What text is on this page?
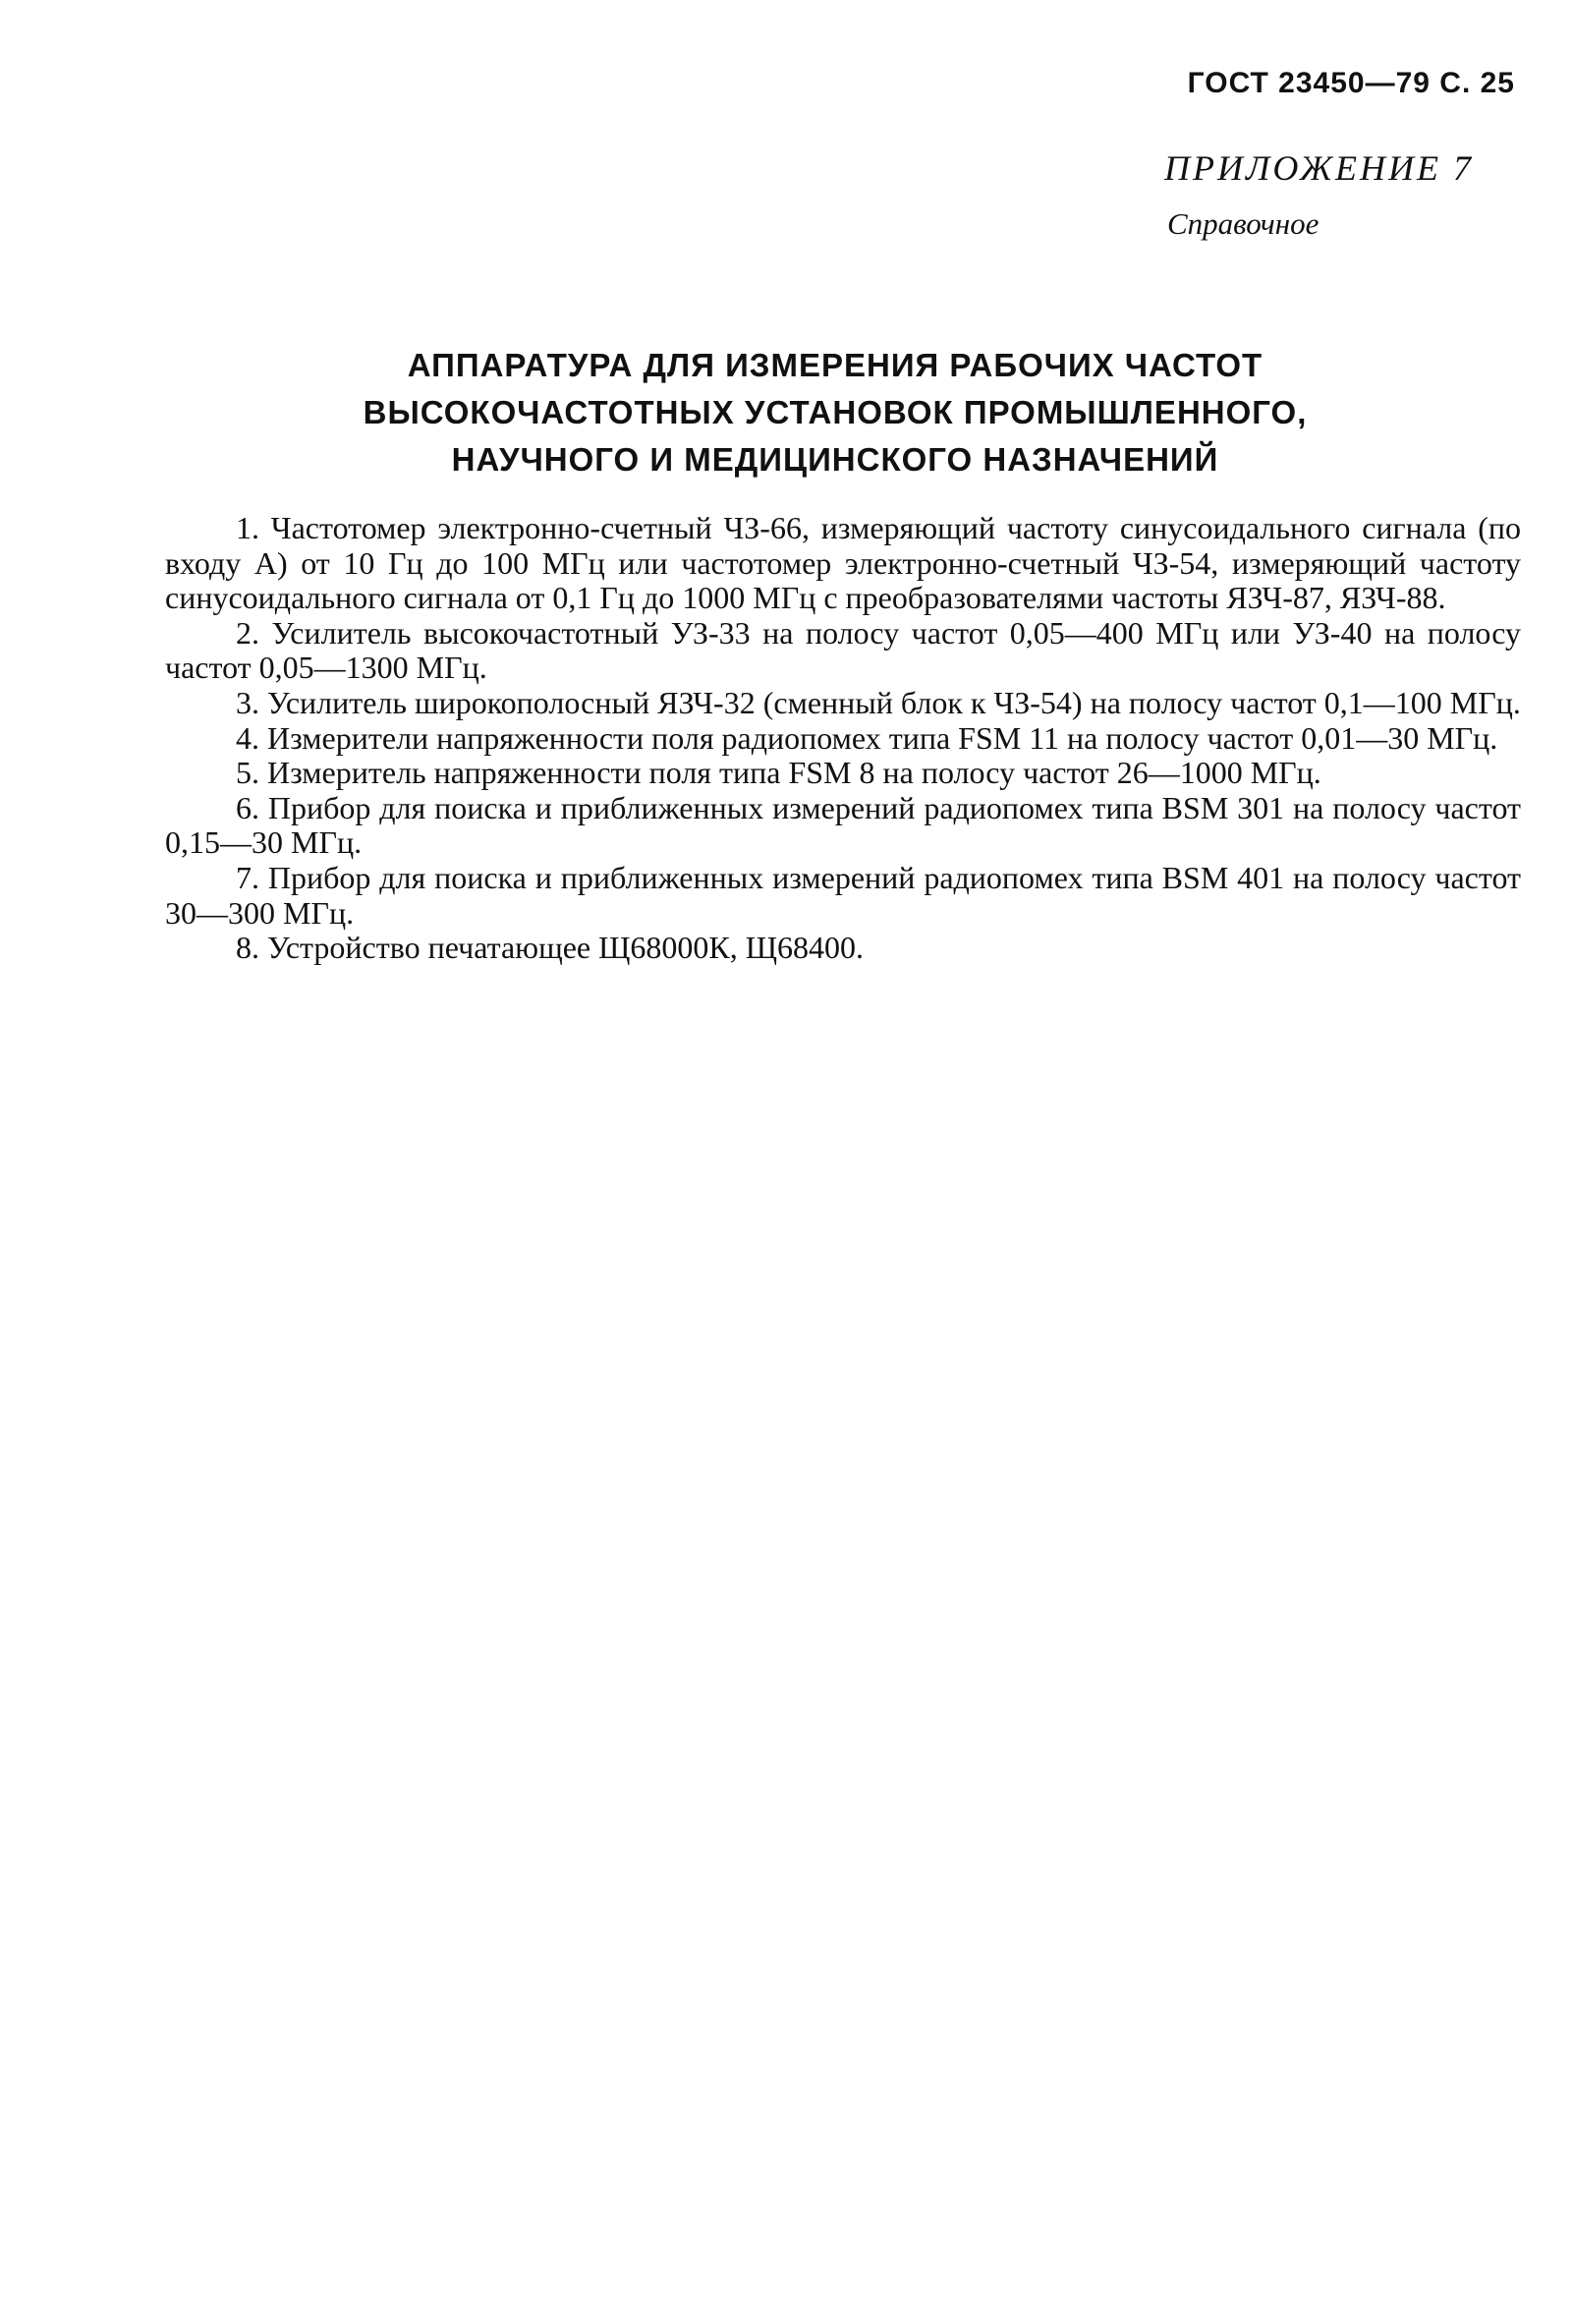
ГОСТ 23450—79 С. 25
ПРИЛОЖЕНИЕ 7
Справочное
АППАРАТУРА ДЛЯ ИЗМЕРЕНИЯ РАБОЧИХ ЧАСТОТ
ВЫСОКОЧАСТОТНЫХ УСТАНОВОК ПРОМЫШЛЕННОГО,
НАУЧНОГО И МЕДИЦИНСКОГО НАЗНАЧЕНИЙ

1. Частотомер электронно-счетный ЧЗ-66, измеряющий частоту синусоидального сигнала (по входу А) от 10 Гц до 100 МГц или частотомер электронно-счетный ЧЗ-54, измеряющий частоту синусоидального сигнала от 0,1 Гц до 1000 МГц с преобразователями частоты ЯЗЧ-87, ЯЗЧ-88.

2. Усилитель высокочастотный УЗ-33 на полосу частот 0,05—400 МГц или УЗ-40 на полосу частот 0,05—1300 МГц.

3. Усилитель широкополосный ЯЗЧ-32 (сменный блок к ЧЗ-54) на полосу частот 0,1—100 МГц.

4. Измерители напряженности поля радиопомех типа FSM 11 на полосу частот 0,01—30 МГц.

5. Измеритель напряженности поля типа FSM 8 на полосу частот 26—1000 МГц.

6. Прибор для поиска и приближенных измерений радиопомех типа BSM 301 на полосу частот 0,15—30 МГц.

7. Прибор для поиска и приближенных измерений радиопомех типа BSM 401 на полосу частот 30—300 МГц.

8. Устройство печатающее Щ68000К, Щ68400.
